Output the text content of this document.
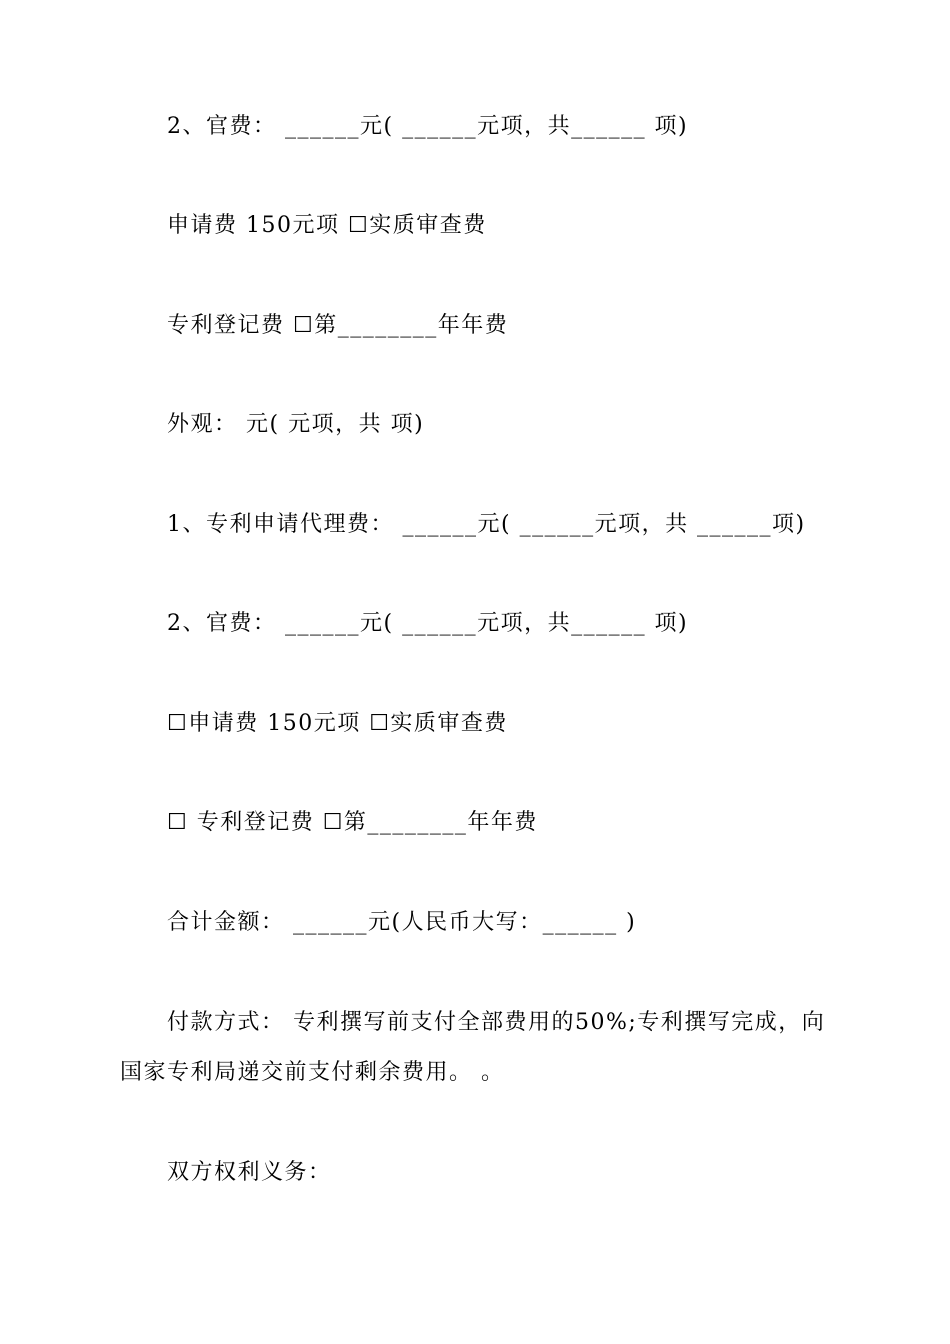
2、官费： ______元( ______元项，共______ 项)
申请费 150元项 ☐实质审查费
专利登记费 ☐第________年年费
外观： 元( 元项，共 项)
1、专利申请代理费： ______元( ______元项，共 ______项)
2、官费： ______元( ______元项，共______ 项)
☐申请费 150元项 ☐实质审查费
☐ 专利登记费 ☐第________年年费
合计金额： ______元(人民币大写：______ )
付款方式： 专利撰写前支付全部费用的50%;专利撰写完成，向国家专利局递交前支付剩余费用。 。
双方权利义务：
